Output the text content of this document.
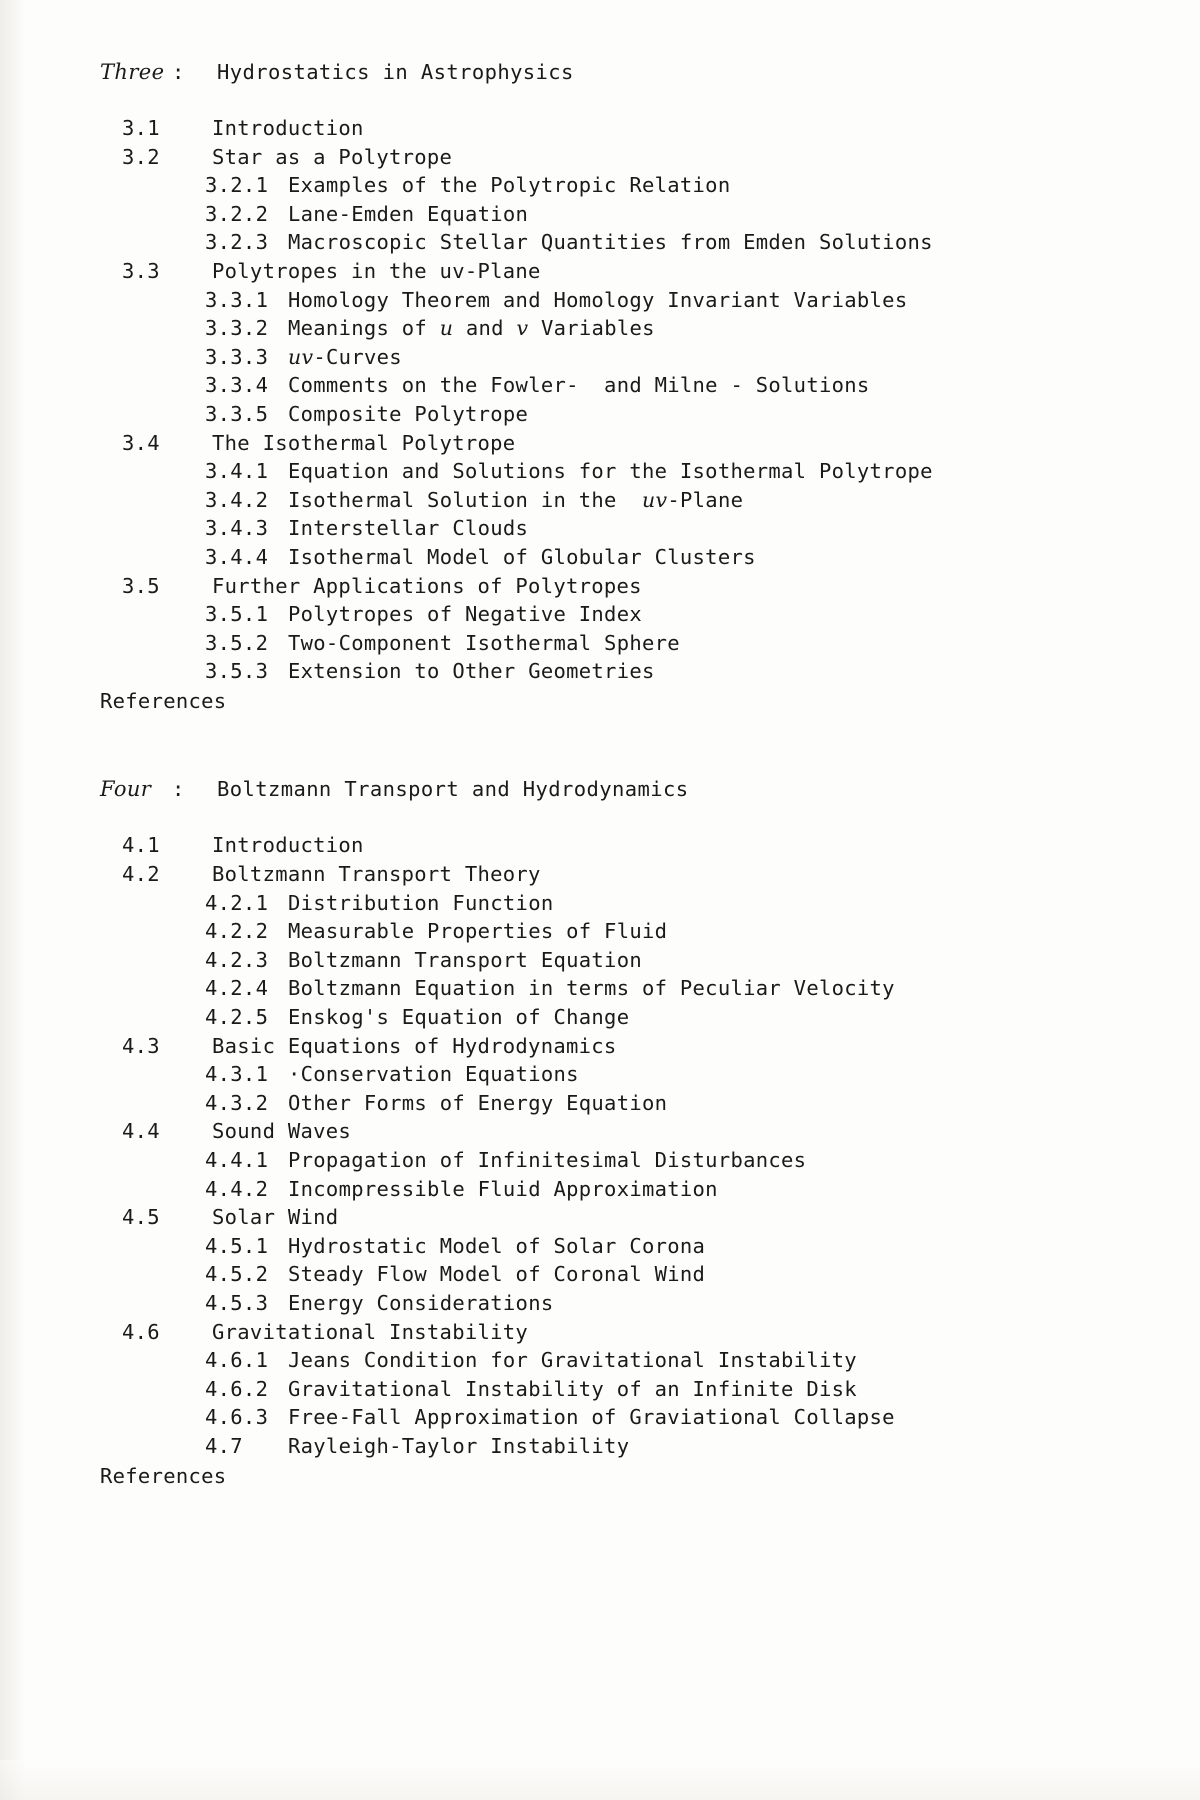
Three :	Hydrostatics in Astrophysics
3.1	Introduction
3.2	Star as a Polytrope
3.2.1 Examples of the Polytropic Relation
3.2.2 Lane-Emden Equation
3.2.3 Macroscopic Stellar Quantities from Emden Solutions
3.3	Polytropes in the uv-Plane
3.3.1 Homology Theorem and Homology Invariant Variables
3.3.2 Meanings of u and v Variables
3.3.3 uv-Curves
3.3.4 Comments on the Fowler-  and Milne - Solutions
3.3.5 Composite Polytrope
3.4	The Isothermal Polytrope
3.4.1 Equation and Solutions for the Isothermal Polytrope
3.4.2 Isothermal Solution in the  uv-Plane
3.4.3 Interstellar Clouds
3.4.4 Isothermal Model of Globular Clusters
3.5	Further Applications of Polytropes
3.5.1 Polytropes of Negative Index
3.5.2 Two-Component Isothermal Sphere
3.5.3 Extension to Other Geometries
References
Four	:	Boltzmann Transport and Hydrodynamics
4.1	Introduction
4.2	Boltzmann Transport Theory
4.2.1 Distribution Function
4.2.2 Measurable Properties of Fluid
4.2.3 Boltzmann Transport Equation
4.2.4 Boltzmann Equation in terms of Peculiar Velocity
4.2.5 Enskog's Equation of Change
4.3	Basic Equations of Hydrodynamics
4.3.1 ·Conservation Equations
4.3.2 Other Forms of Energy Equation
4.4	Sound Waves
4.4.1 Propagation of Infinitesimal Disturbances
4.4.2 Incompressible Fluid Approximation
4.5	Solar Wind
4.5.1 Hydrostatic Model of Solar Corona
4.5.2 Steady Flow Model of Coronal Wind
4.5.3 Energy Considerations
4.6	Gravitational Instability
4.6.1 Jeans Condition for Gravitational Instability
4.6.2 Gravitational Instability of an Infinite Disk
4.6.3 Free-Fall Approximation of Graviational Collapse
4.7	Rayleigh-Taylor Instability
References
